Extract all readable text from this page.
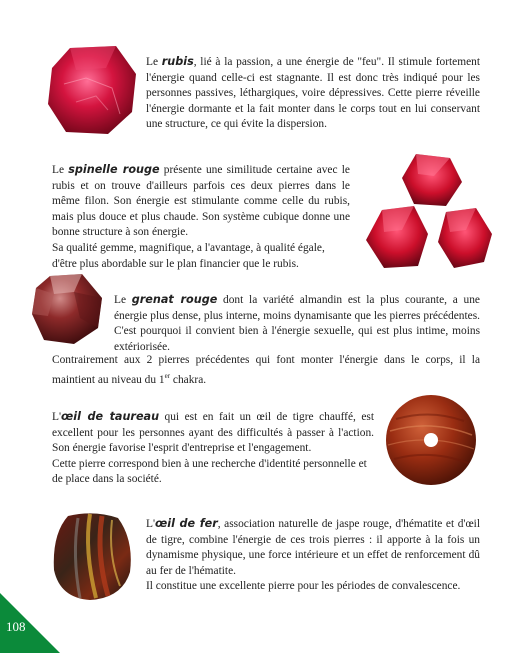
Le rubis, lié à la passion, a une énergie de "feu". Il stimule fortement l'énergie quand celle-ci est stagnante. Il est donc très indiqué pour les personnes passives, léthargiques, voire dépressives. Cette pierre réveille l'énergie dormante et la fait monter dans le corps tout en lui conservant une structure, ce qui évite la dispersion.

Le spinelle rouge présente une similitude certaine avec le rubis et on trouve d'ailleurs parfois ces deux pierres dans le même filon. Son énergie est stimulante comme celle du rubis, mais plus douce et plus chaude. Son système cubique donne une bonne structure à son énergie.

Sa qualité gemme, magnifique, a l'avantage, à qualité égale, d'être plus abordable sur le plan financier que le rubis.

Le grenat rouge dont la variété almandin est la plus courante, a une énergie plus dense, plus interne, moins dynamisante que les pierres précédentes. C'est pourquoi il convient bien à l'énergie sexuelle, qui est plus intime, moins extériorisée.

Contrairement aux 2 pierres précédentes qui font monter l'énergie dans le corps, il la maintient au niveau du 1er chakra.

L'œil de taureau qui est en fait un œil de tigre chauffé, est excellent pour les personnes ayant des difficultés à passer à l'action. Son énergie favorise l'esprit d'entreprise et l'engagement.

Cette pierre correspond bien à une recherche d'identité personnelle et de place dans la société.

L'œil de fer, association naturelle de jaspe rouge, d'hématite et d'œil de tigre, combine l'énergie de ces trois pierres : il apporte à la fois un dynamisme physique, une force intérieure et un effet de renforcement dû au fer de l'hématite.

Il constitue une excellente pierre pour les périodes de convalescence.

108
